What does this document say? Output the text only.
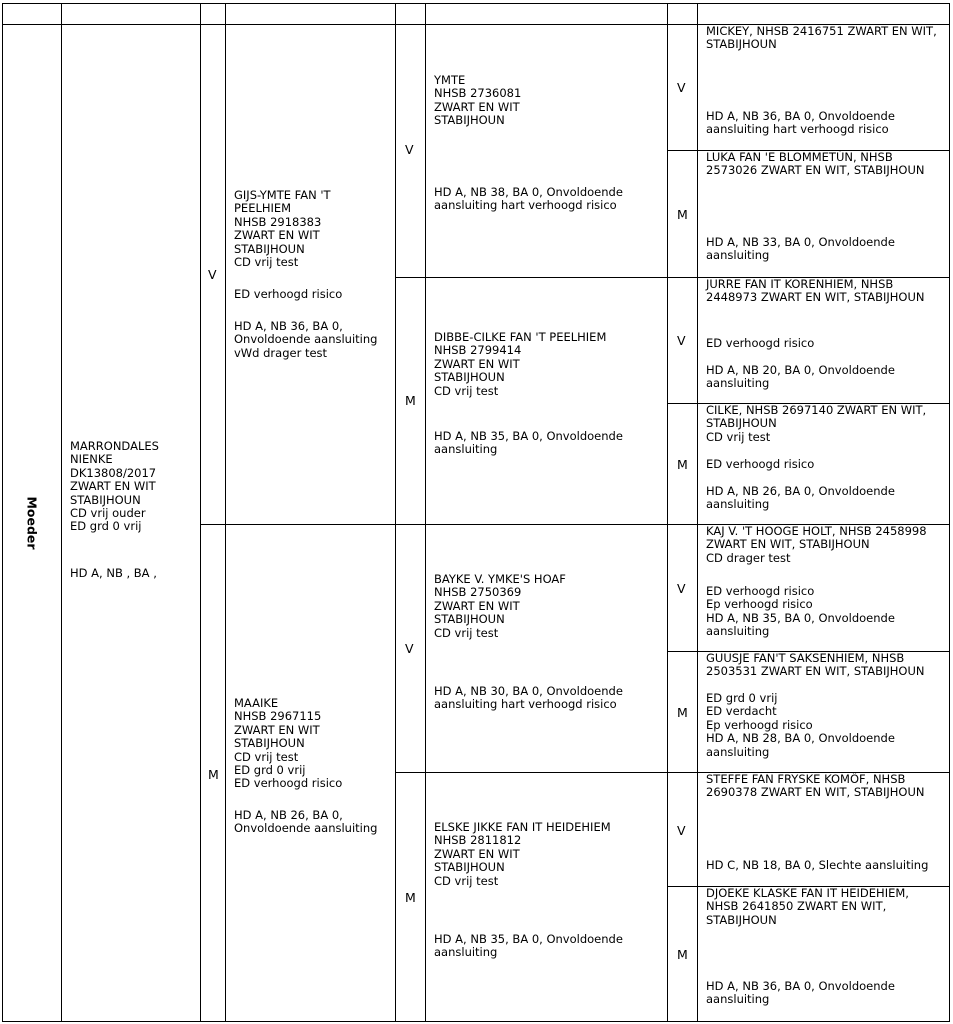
Moeder
MARRONDALES
NIENKE
DK13808/2017
ZWART EN WIT
STABIJHOUN
CD vrij ouder
ED grd 0 vrij
HD A, NB , BA ,
V
GIJS-YMTE FAN 'T
PEELHIEM
NHSB 2918383
ZWART EN WIT
STABIJHOUN
CD vrij test
ED verhoogd risico
HD A, NB 36, BA 0,
Onvoldoende aansluiting
vWd drager test
M
MAAIKE
NHSB 2967115
ZWART EN WIT
STABIJHOUN
CD vrij test
ED grd 0 vrij
ED verhoogd risico
HD A, NB 26, BA 0,
Onvoldoende aansluiting
V
YMTE
NHSB 2736081
ZWART EN WIT
STABIJHOUN
HD A, NB 38, BA 0, Onvoldoende
aansluiting hart verhoogd risico
M
DIBBE-CILKE FAN 'T PEELHIEM
NHSB 2799414
ZWART EN WIT
STABIJHOUN
CD vrij test
HD A, NB 35, BA 0, Onvoldoende
aansluiting
V
BAYKE V. YMKE'S HOAF
NHSB 2750369
ZWART EN WIT
STABIJHOUN
CD vrij test
HD A, NB 30, BA 0, Onvoldoende
aansluiting hart verhoogd risico
M
ELSKE JIKKE FAN IT HEIDEHIEM
NHSB 2811812
ZWART EN WIT
STABIJHOUN
CD vrij test
HD A, NB 35, BA 0, Onvoldoende
aansluiting
V
MICKEY, NHSB 2416751 ZWART EN WIT,
STABIJHOUN
HD A, NB 36, BA 0, Onvoldoende
aansluiting hart verhoogd risico
M
LUKA FAN 'E BLOMMETÚN, NHSB
2573026 ZWART EN WIT, STABIJHOUN
HD A, NB 33, BA 0, Onvoldoende
aansluiting
V
JURRE FAN IT KORENHIEM, NHSB
2448973 ZWART EN WIT, STABIJHOUN
ED verhoogd risico
HD A, NB 20, BA 0, Onvoldoende
aansluiting
M
CILKE, NHSB 2697140 ZWART EN WIT,
STABIJHOUN
CD vrij test
ED verhoogd risico
HD A, NB 26, BA 0, Onvoldoende
aansluiting
V
KAJ V. 'T HOOGE HOLT, NHSB 2458998
ZWART EN WIT, STABIJHOUN
CD drager test
ED verhoogd risico
Ep verhoogd risico
HD A, NB 35, BA 0, Onvoldoende
aansluiting
M
GUUSJE FAN'T SAKSENHIEM, NHSB
2503531 ZWART EN WIT, STABIJHOUN
ED grd 0 vrij
ED verdacht
Ep verhoogd risico
HD A, NB 28, BA 0, Onvoldoende
aansluiting
V
STEFFE FAN FRYSKE KOMÔF, NHSB
2690378 ZWART EN WIT, STABIJHOUN
HD C, NB 18, BA 0, Slechte aansluiting
M
DJOEKE KLASKE FAN IT HEIDEHIEM,
NHSB 2641850 ZWART EN WIT,
STABIJHOUN
HD A, NB 36, BA 0, Onvoldoende
aansluiting
